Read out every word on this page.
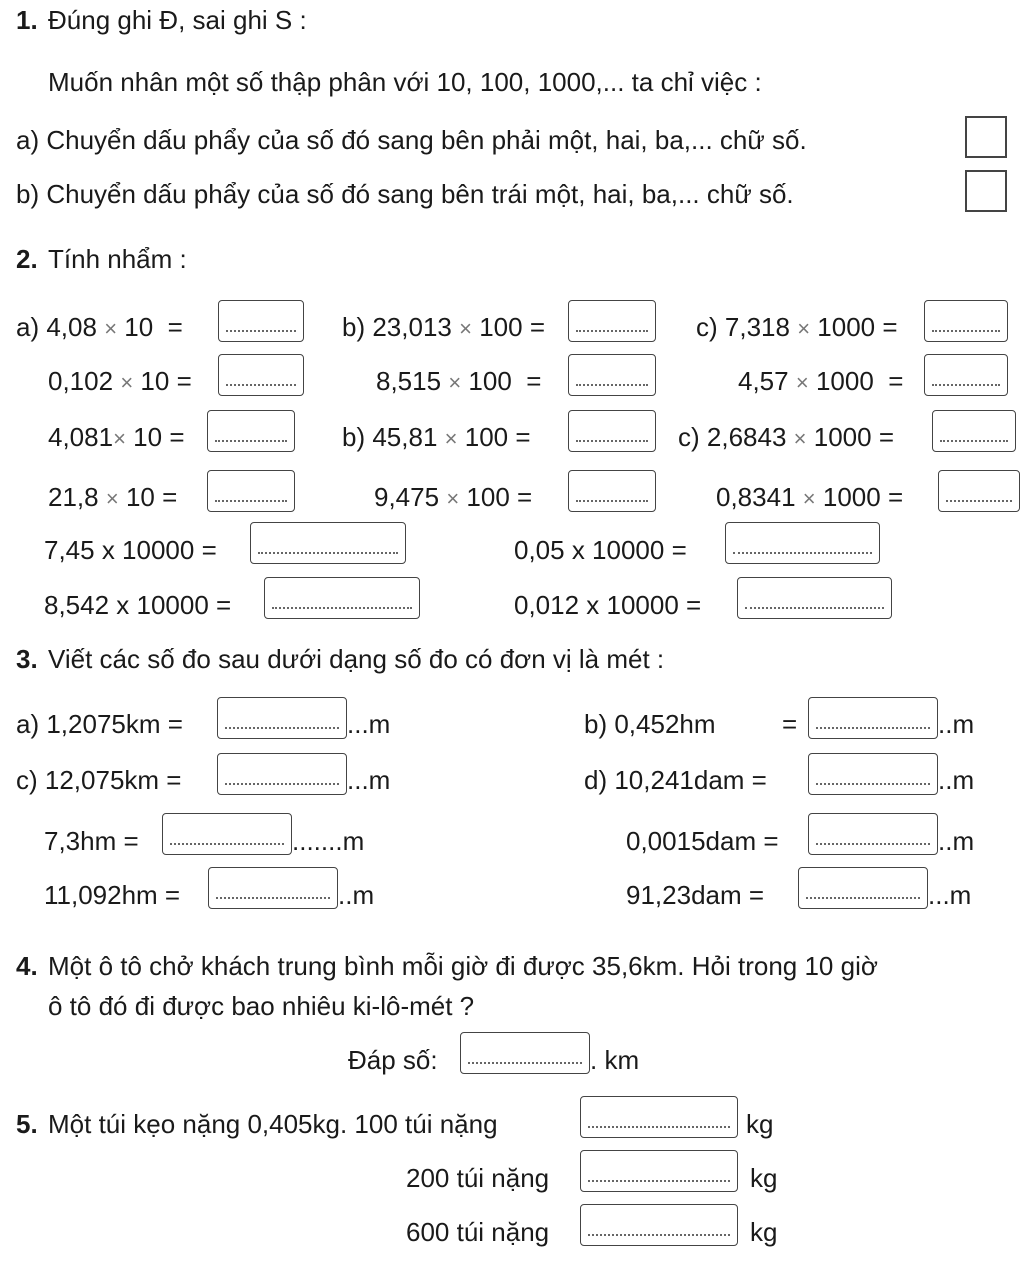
1. Đúng ghi Đ, sai ghi S :
Muốn nhân một số thập phân với 10, 100, 1000,... ta chỉ việc :
a) Chuyển dấu phẩy của số đó sang bên phải một, hai, ba,... chữ số.
b) Chuyển dấu phẩy của số đó sang bên trái một, hai, ba,... chữ số.
2. Tính nhẩm :
a) 4,08 × 10 =	b) 23,013 × 100 =	c) 7,318 × 1000 =
0,102 × 10 =	8,515 × 100 =	4,57 × 1000 =
4,081× 10 =	b) 45,81 × 100 =	c) 2,6843 × 1000 =
21,8 × 10 =	9,475 × 100 =	0,8341 × 1000 =
7,45 x 10000 =	0,05 x 10000 =
8,542 x 10000 =	0,012 x 10000 =
3. Viết các số đo sau dưới dạng số đo có đơn vị là mét :
a) 1,2075km =	...m	b) 0,452hm	=	..m
c) 12,075km =	...m	d) 10,241dam =	..m
7,3hm =	.......m	0,0015dam =	..m
11,092hm =	..m	91,23dam =	...m
4. Một ô tô chở khách trung bình mỗi giờ đi được 35,6km. Hỏi trong 10 giờ
ô tô đó đi được bao nhiêu ki-lô-mét ?
Đáp số:	. km
5. Một túi kẹo nặng 0,405kg. 100 túi nặng	kg
200 túi nặng	kg
600 túi nặng	kg
